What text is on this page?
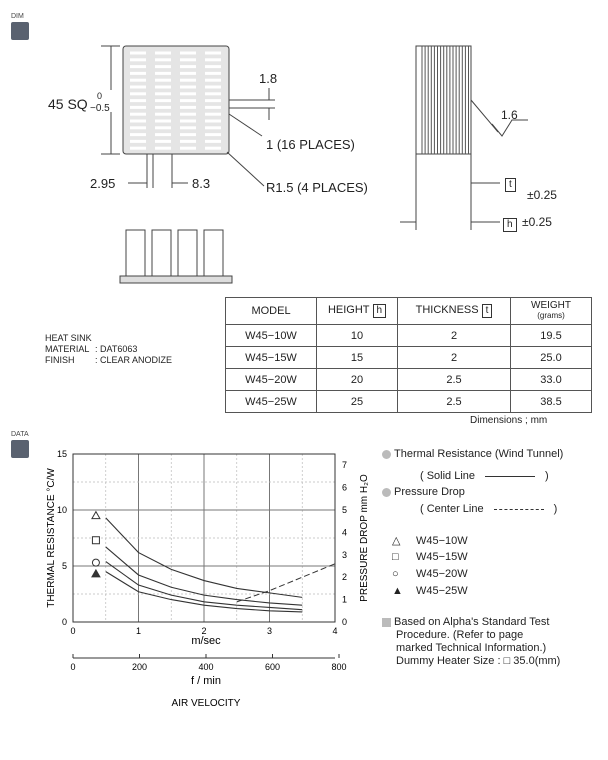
DIM
45 SQ 0
−0.5
1.8
1 (16 PLACES)
2.95	8.3	R1.5 (4 PLACES)
1.6
t
±0.25
h ±0.25
HEAT SINK
MATERIAL : DAT6063
FINISH : CLEAR ANODIZE
MODEL	HEIGHT h	THICKNESS t	WEIGHT
(grams)

W45−10W	10	2	19.5
W45−15W	15	2	25.0
W45−20W	20	2.5	33.0
W45−25W	25	2.5	38.5
Dimensions ; mm
DATA
0	1	2	3	4
0
5
10
15
0
1
2
3
4
5
6
7
0	200	400	600	800
m/sec
f / min
AIR VELOCITY
THERMAL RESISTANCE °C/W	PRESSURE DROP mm H₂O
Thermal Resistance (Wind Tunnel)
( Solid Line	)
Pressure Drop
( Center Line	)
△ W45−10W
□ W45−15W
○ W45−20W
▲ W45−25W
Based on Alpha's Standard Test
Procedure. (Refer to page
marked Technical Information.)
Dummy Heater Size : □ 35.0(mm)
